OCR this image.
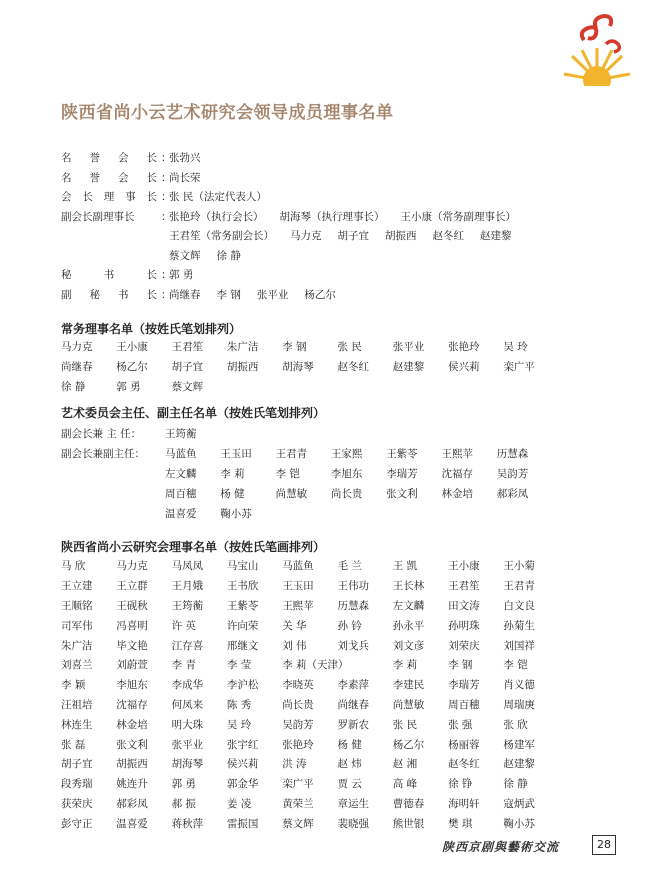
陕西省尚小云艺术研究会领导成员理事名单
名 誉 会 长 ：
张勃兴
名 誉 会 长 ：
尚长荣
会 长 理 事 长 ：
张 民（法定代表人）
副会长副理事长	：
张艳玲（执行会长） 胡海琴（执行理事长） 王小康（常务副理事长）
王君笙（常务副会长） 马力克 胡子宜 胡振西 赵冬红 赵建黎
蔡文辉 徐 静
秘	书	长 ：
郭 勇
副 秘 书 长 ：
尚继春 李 钢 张平业 杨乙尔
常务理事名单（按姓氏笔划排列）
马力克	王小康	王君笙	朱广洁	李 钢	张 民	张平业	张艳玲	吴 玲
尚继春	杨乙尔	胡子宜	胡振西	胡海琴	赵冬红	赵建黎	侯兴莉	栾广平
徐 静	郭 勇	蔡文辉
艺术委员会主任、副主任名单（按姓氏笔划排列）
副会长兼 主 任：	王筠蘅
副会长兼副主任：	马蓝鱼	王玉田	王君青	王家熙	王紫苓	王熙苹	历慧森
左文麟	李 莉	李 铠	李旭东	李瑞芳	沈福存	吴韵芳
周百穗	杨 健	尚慧敏	尚长贵	张文利	林金培	郝彩凤
温喜爱	鞠小苏
陕西省尚小云研究会理事名单（按姓氏笔画排列）
马 欣	马力克	马凤凤	马宝山	马蓝鱼	毛 兰	王 凯	王小康	王小菊
王立建	王立群	王月娥	王书欣	王玉田	王伟功	王长林	王君笙	王君青
王顺铭	王砚秋	王筠蘅	王紫苓	王熙苹	历慧森	左文麟	田文涛	白文良
司军伟	冯喜明	许 英	许向荣	关 华	孙 钤	孙永平	孙明珠	孙菊生
朱广洁	毕文艳	江存喜	邢继文	刘 伟	刘戈兵	刘文彦	刘荣庆	刘国祥
刘喜兰	刘蔚萱	李 青	李 莹	李 莉（天津）	李 莉	李 钢	李 铠
李 颖	李旭东	李成华	李沪松	李晓英	李素萍	李建民	李瑞芳	肖义德
汪祖培	沈福存	何凤来	陈 秀	尚长贵	尚继春	尚慧敏	周百穗	周瑞庚
林连生	林金培	明大珠	吴 玲	吴韵芳	罗新农	张 民	张 强	张 欣
张 磊	张文利	张平业	张宇红	张艳玲	杨 健	杨乙尔	杨丽蓉	杨建军
胡子宜	胡振西	胡海琴	侯兴莉	洪 涛	赵 炜	赵 湘	赵冬红	赵建黎
段秀瑞	姚连升	郭 勇	郭金华	栾广平	贾 云	高 峰	徐 铮	徐 静
获荣庆	郝彩凤	郝 振	姜 凌	黄荣兰	章运生	曹德春	海明轩	寇炳武
彭守正	温喜爱	蒋秋萍	雷振国	蔡文辉	裴晓强	熊世银	樊 琪	鞠小苏
陕西京剧與藝術交流	28
